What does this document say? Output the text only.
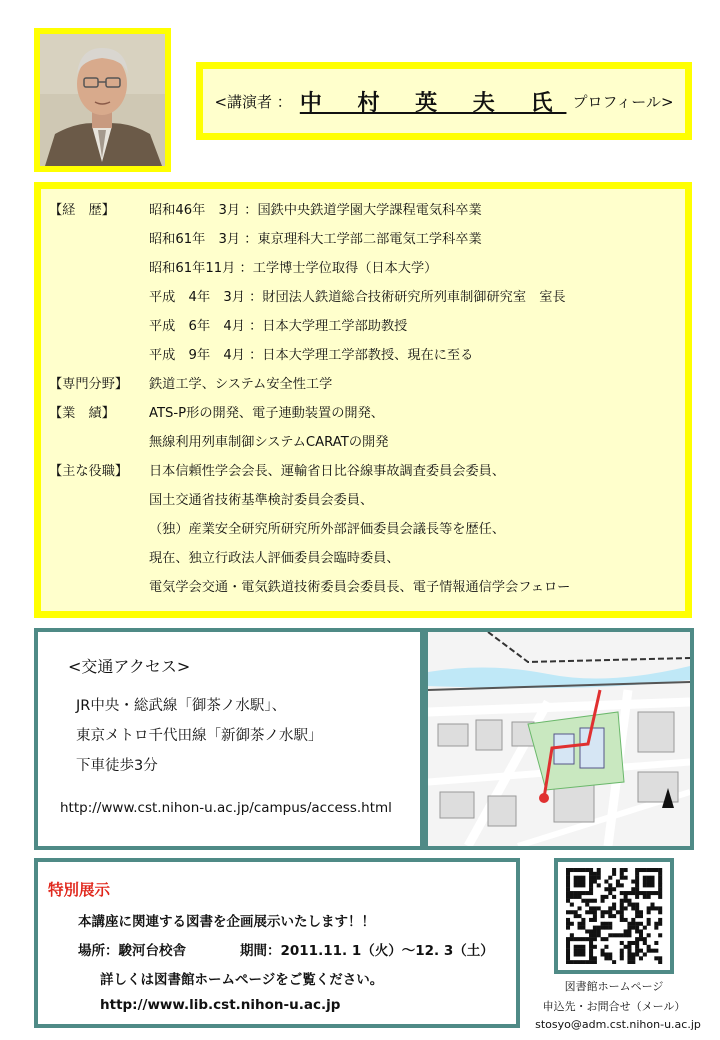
<講演者 ： 中 村 英 夫 氏 プロフィール>
【経　歴】	昭和46年　3月 ：国鉄中央鉄道学園大学課程電気科卒業
昭和61年　3月 ：東京理科大工学部二部電気工学科卒業
昭和61年11月 ：工学博士学位取得（日本大学）
平成　4年　3月 ：財団法人鉄道総合技術研究所列車制御研究室　室長
平成　6年　4月 ：日本大学理工学部助教授
平成　9年　4月 ：日本大学理工学部教授、現在に至る
【専門分野】	鉄道工学、システム安全性工学
【業　績】	ATS-P形の開発、電子連動装置の開発、
無線利用列車制御システムCARATの開発
【主な役職】	日本信頼性学会会長、運輸省日比谷線事故調査委員会委員、
国土交通省技術基準検討委員会委員、
（独）産業安全研究所研究所外部評価委員会議長等を歴任、
現在、独立行政法人評価委員会臨時委員、
電気学会交通・電気鉄道技術委員会委員長、電子情報通信学会フェロー
<交通アクセス>
JR中央・総武線「御茶ノ水駅」、
東京メトロ千代田線「新御茶ノ水駅」
下車徒歩3分
http://www.cst.nihon-u.ac.jp/campus/access.html
特別展示
本講座に関連する図書を企画展示いたします！！
場所：駿河台校舎	期間：2011.11. 1（火）～12. 3（土）
詳しくは図書館ホームページをご覧ください。
http://www.lib.cst.nihon-u.ac.jp
図書館ホームページ
申込先・お問合せ（メール）
stosyo@adm.cst.nihon-u.ac.jp
